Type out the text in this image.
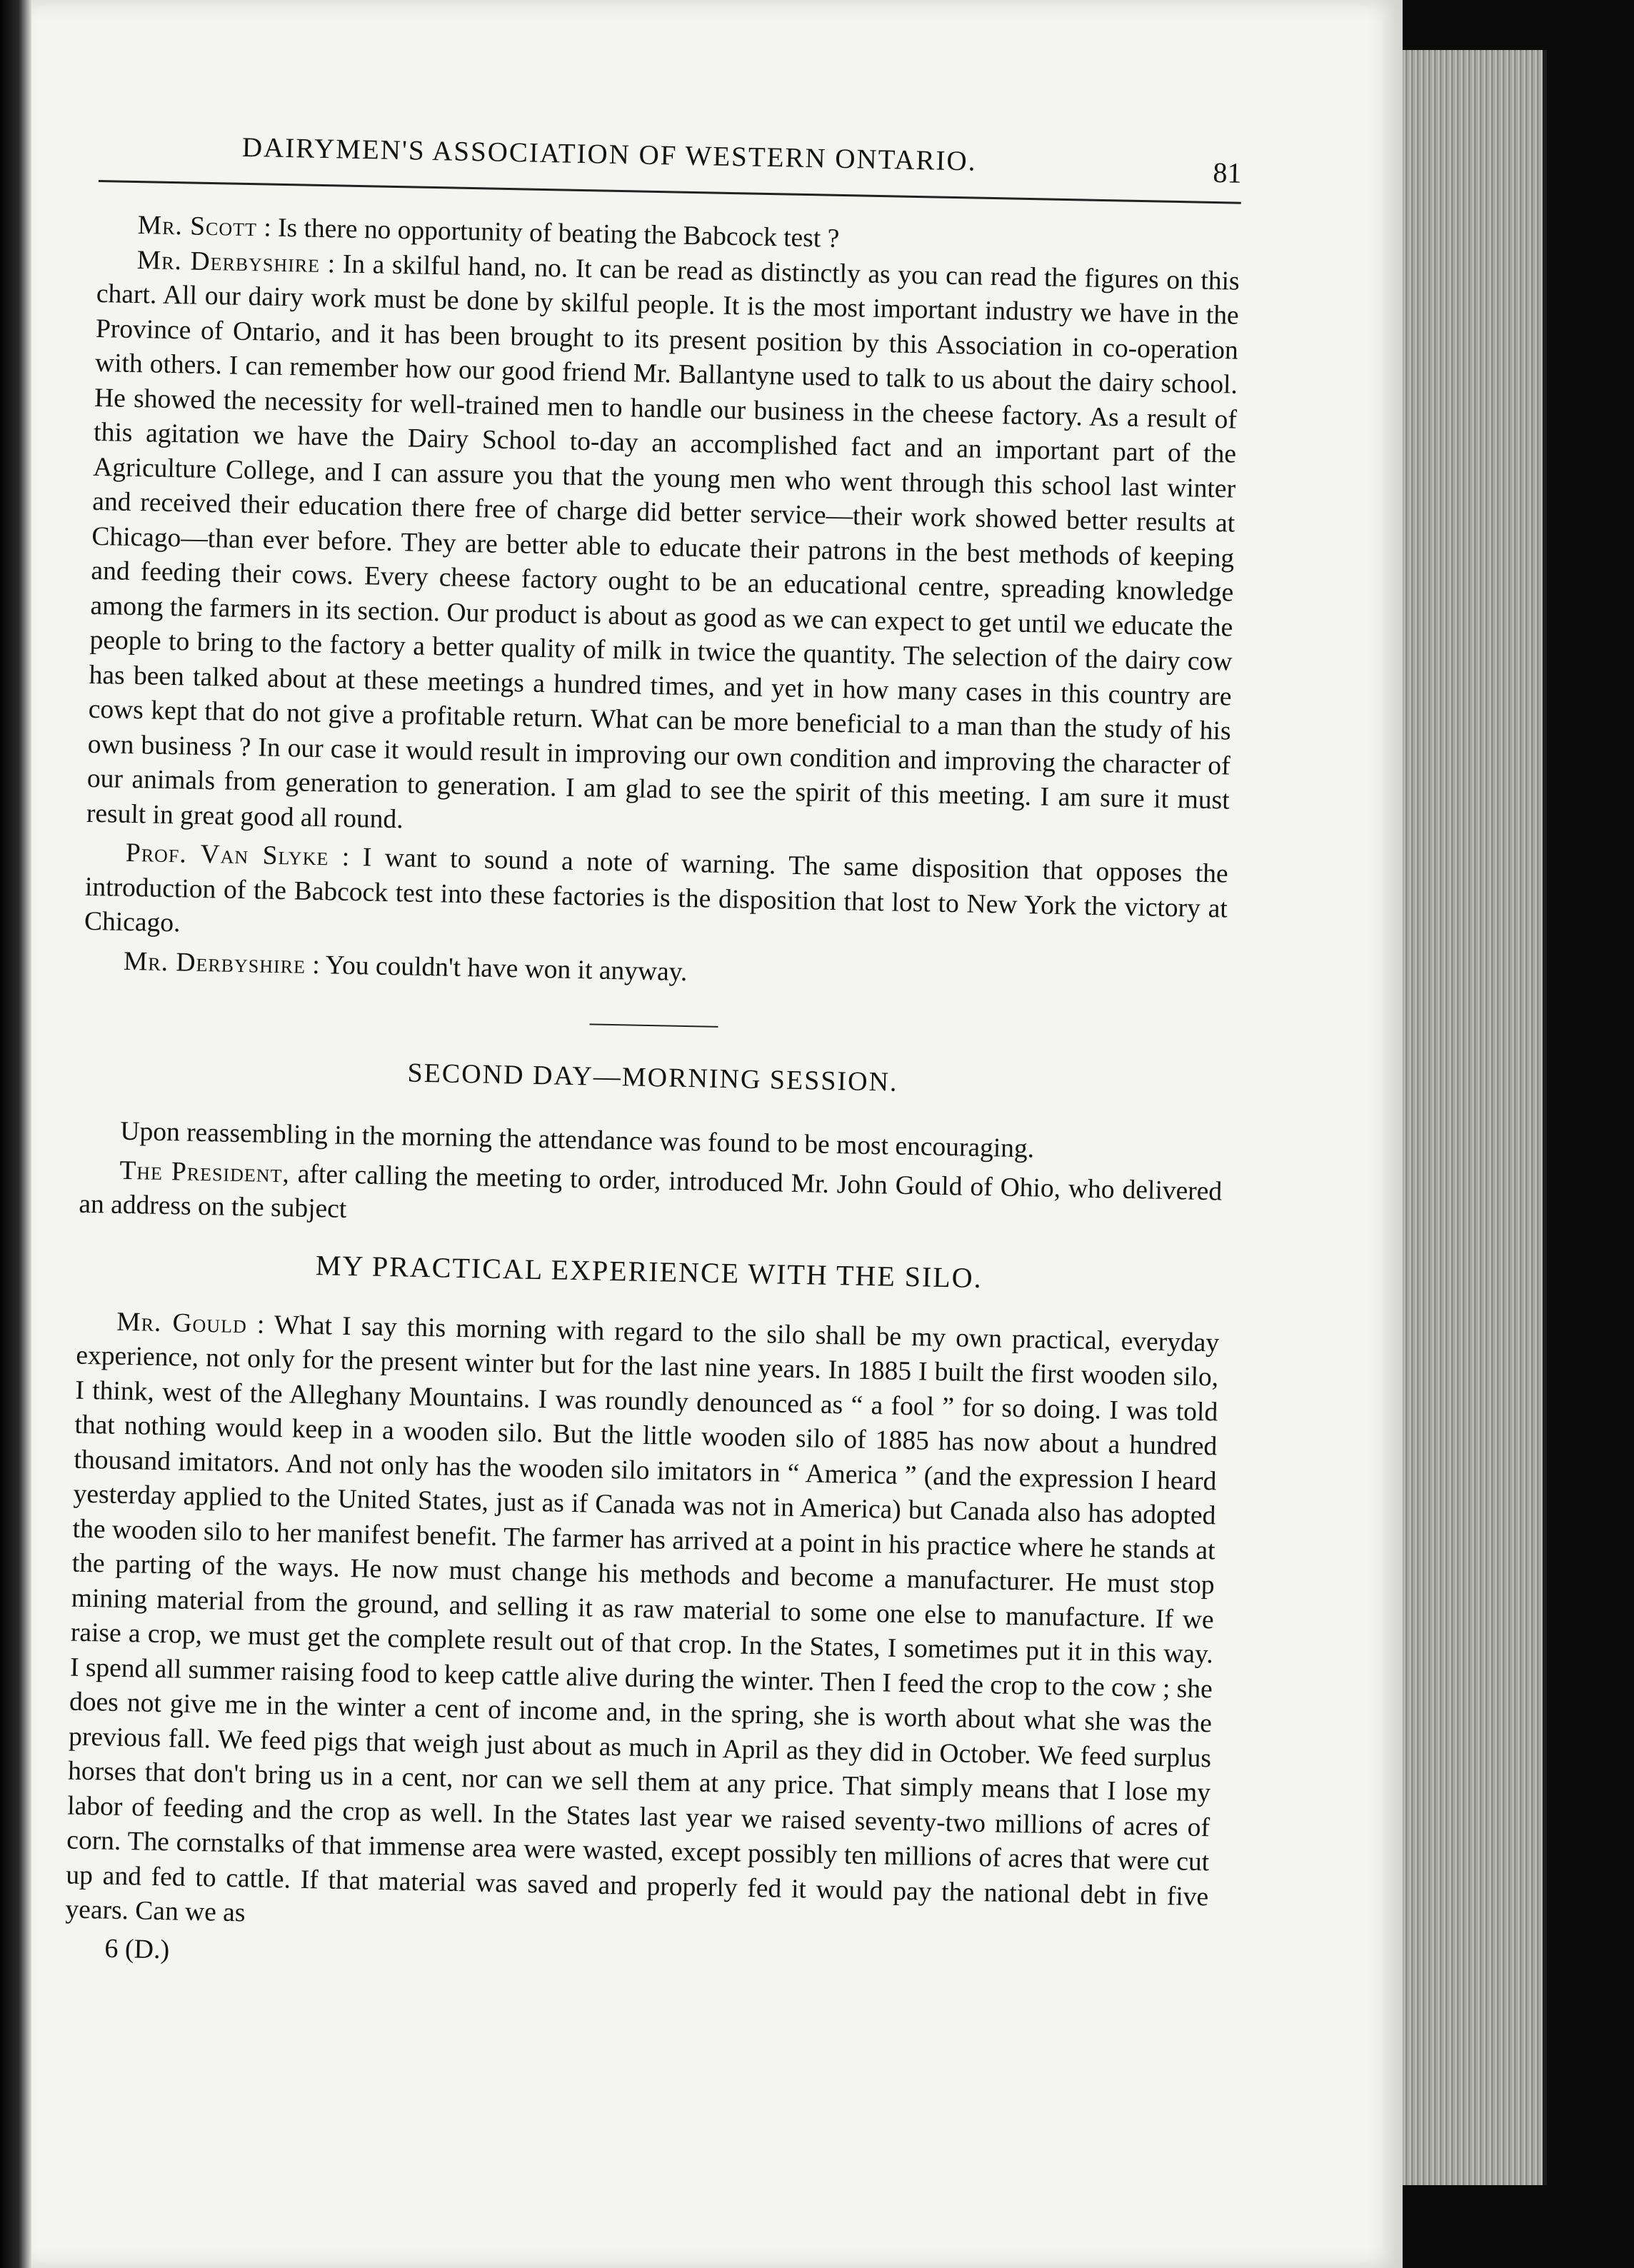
DAIRYMEN'S ASSOCIATION OF WESTERN ONTARIO.	81

Mr. Scott : Is there no opportunity of beating the Babcock test ?

Mr. Derbyshire : In a skilful hand, no. It can be read as distinctly as you can read the figures on this chart. All our dairy work must be done by skilful people. It is the most important industry we have in the Province of Ontario, and it has been brought to its present position by this Association in co-operation with others. I can remember how our good friend Mr. Ballantyne used to talk to us about the dairy school. He showed the necessity for well-trained men to handle our business in the cheese factory. As a result of this agitation we have the Dairy School to-day an accomplished fact and an important part of the Agriculture College, and I can assure you that the young men who went through this school last winter and received their education there free of charge did better service—their work showed better results at Chicago—than ever before. They are better able to educate their patrons in the best methods of keeping and feeding their cows. Every cheese factory ought to be an educational centre, spreading knowledge among the farmers in its section. Our product is about as good as we can expect to get until we educate the people to bring to the factory a better quality of milk in twice the quantity. The selection of the dairy cow has been talked about at these meetings a hundred times, and yet in how many cases in this country are cows kept that do not give a profitable return. What can be more beneficial to a man than the study of his own business ? In our case it would result in improving our own condition and improving the character of our animals from generation to generation. I am glad to see the spirit of this meeting. I am sure it must result in great good all round.

Prof. Van Slyke : I want to sound a note of warning. The same disposition that opposes the introduction of the Babcock test into these factories is the disposition that lost to New York the victory at Chicago.

Mr. Derbyshire : You couldn't have won it anyway.

SECOND DAY—MORNING SESSION.

Upon reassembling in the morning the attendance was found to be most encouraging.

The President, after calling the meeting to order, introduced Mr. John Gould of Ohio, who delivered an address on the subject

MY PRACTICAL EXPERIENCE WITH THE SILO.

Mr. Gould : What I say this morning with regard to the silo shall be my own practical, everyday experience, not only for the present winter but for the last nine years. In 1885 I built the first wooden silo, I think, west of the Alleghany Mountains. I was roundly denounced as “ a fool ” for so doing. I was told that nothing would keep in a wooden silo. But the little wooden silo of 1885 has now about a hundred thousand imitators. And not only has the wooden silo imitators in “ America ” (and the expression I heard yesterday applied to the United States, just as if Canada was not in America) but Canada also has adopted the wooden silo to her manifest benefit. The farmer has arrived at a point in his practice where he stands at the parting of the ways. He now must change his methods and become a manufacturer. He must stop mining material from the ground, and selling it as raw material to some one else to manufacture. If we raise a crop, we must get the complete result out of that crop. In the States, I sometimes put it in this way. I spend all summer raising food to keep cattle alive during the winter. Then I feed the crop to the cow ; she does not give me in the winter a cent of income and, in the spring, she is worth about what she was the previous fall. We feed pigs that weigh just about as much in April as they did in October. We feed surplus horses that don't bring us in a cent, nor can we sell them at any price. That simply means that I lose my labor of feeding and the crop as well. In the States last year we raised seventy-two millions of acres of corn. The cornstalks of that immense area were wasted, except possibly ten millions of acres that were cut up and fed to cattle. If that material was saved and properly fed it would pay the national debt in five years. Can we as

6 (D.)
